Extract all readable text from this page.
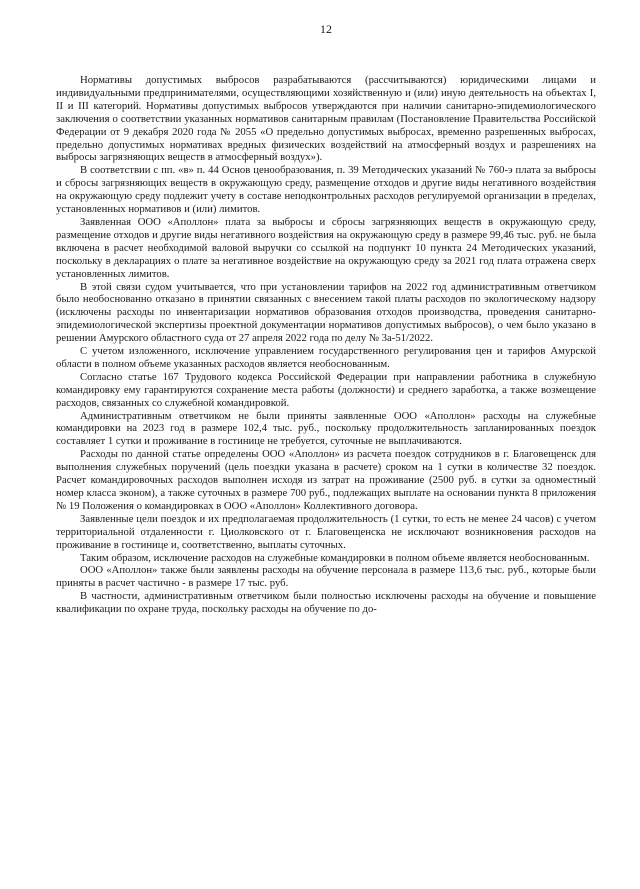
12

Нормативы допустимых выбросов разрабатываются (рассчитываются) юридическими лицами и индивидуальными предпринимателями, осуществляющими хозяйственную и (или) иную деятельность на объектах I, II и III категорий. Нормативы допустимых выбросов утверждаются при наличии санитарно-эпидемиологического заключения о соответствии указанных нормативов санитарным правилам (Постановление Правительства Российской Федерации от 9 декабря 2020 года № 2055 «О предельно допустимых выбросах, временно разрешенных выбросах, предельно допустимых нормативах вредных физических воздействий на атмосферный воздух и разрешениях на выбросы загрязняющих веществ в атмосферный воздух»).

В соответствии с пп. «в» п. 44 Основ ценообразования, п. 39 Методических указаний № 760-э плата за выбросы и сбросы загрязняющих веществ в окружающую среду, размещение отходов и другие виды негативного воздействия на окружающую среду подлежит учету в составе неподконтрольных расходов регулируемой организации в пределах, установленных нормативов и (или) лимитов.

Заявленная ООО «Аполлон» плата за выбросы и сбросы загрязняющих веществ в окружающую среду, размещение отходов и другие виды негативного воздействия на окружающую среду в размере 99,46 тыс. руб. не была включена в расчет необходимой валовой выручки со ссылкой на подпункт 10 пункта 24 Методических указаний, поскольку в декларациях о плате за негативное воздействие на окружающую среду за 2021 год плата отражена сверх установленных лимитов.

В этой связи судом учитывается, что при установлении тарифов на 2022 год административным ответчиком было необоснованно отказано в принятии связанных с внесением такой платы расходов по экологическому надзору (исключены расходы по инвентаризации нормативов образования отходов производства, проведения санитарно-эпидемиологической экспертизы проектной документации нормативов допустимых выбросов), о чем было указано в решении Амурского областного суда от 27 апреля 2022 года по делу № 3а-51/2022.

С учетом изложенного, исключение управлением государственного регулирования цен и тарифов Амурской области в полном объеме указанных расходов является необоснованным.

Согласно статье 167 Трудового кодекса Российской Федерации при направлении работника в служебную командировку ему гарантируются сохранение места работы (должности) и среднего заработка, а также возмещение расходов, связанных со служебной командировкой.

Административным ответчиком не были приняты заявленные ООО «Аполлон» расходы на служебные командировки на 2023 год в размере 102,4 тыс. руб., поскольку продолжительность запланированных поездок составляет 1 сутки и проживание в гостинице не требуется, суточные не выплачиваются.

Расходы по данной статье определены ООО «Аполлон» из расчета поездок сотрудников в г. Благовещенск для выполнения служебных поручений (цель поездки указана в расчете) сроком на 1 сутки в количестве 32 поездок. Расчет командировочных расходов выполнен исходя из затрат на проживание (2500 руб. в сутки за одноместный номер класса эконом), а также суточных в размере 700 руб., подлежащих выплате на основании пункта 8 приложения № 19 Положения о командировках в ООО «Аполлон» Коллективного договора.

Заявленные цели поездок и их предполагаемая продолжительность (1 сутки, то есть не менее 24 часов) с учетом территориальной отдаленности г. Циолковского от г. Благовещенска не исключают возникновения расходов на проживание в гостинице и, соответственно, выплаты суточных.

Таким образом, исключение расходов на служебные командировки в полном объеме является необоснованным.

ООО «Аполлон» также были заявлены расходы на обучение персонала в размере 113,6 тыс. руб., которые были приняты в расчет частично - в размере 17 тыс. руб.

В частности, административным ответчиком были полностью исключены расходы на обучение и повышение квалификации по охране труда, поскольку расходы на обучение по до-
